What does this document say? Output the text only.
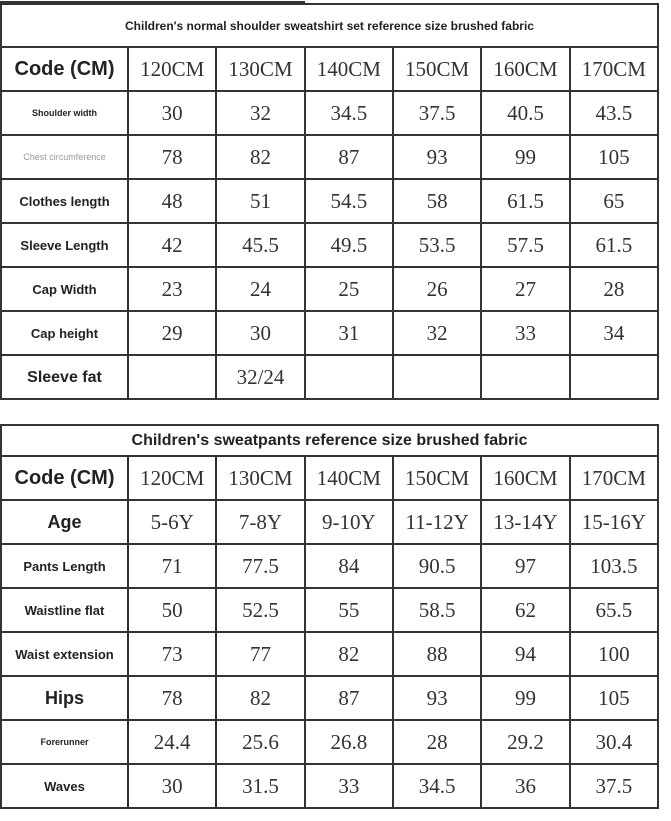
Children's normal shoulder sweatshirt set reference size brushed fabric						
Code (CM)	120CM	130CM	140CM	150CM	160CM	170CM
Shoulder width	30	32	34.5	37.5	40.5	43.5
Chest circumference	78	82	87	93	99	105
Clothes length	48	51	54.5	58	61.5	65
Sleeve Length	42	45.5	49.5	53.5	57.5	61.5
Cap Width	23	24	25	26	27	28
Cap height	29	30	31	32	33	34
Sleeve fat		32/24				
Children's sweatpants reference size brushed fabric						
Code (CM)	120CM	130CM	140CM	150CM	160CM	170CM
Age	5-6Y	7-8Y	9-10Y	11-12Y	13-14Y	15-16Y
Pants Length	71	77.5	84	90.5	97	103.5
Waistline flat	50	52.5	55	58.5	62	65.5
Waist extension	73	77	82	88	94	100
Hips	78	82	87	93	99	105
Forerunner	24.4	25.6	26.8	28	29.2	30.4
Waves	30	31.5	33	34.5	36	37.5
